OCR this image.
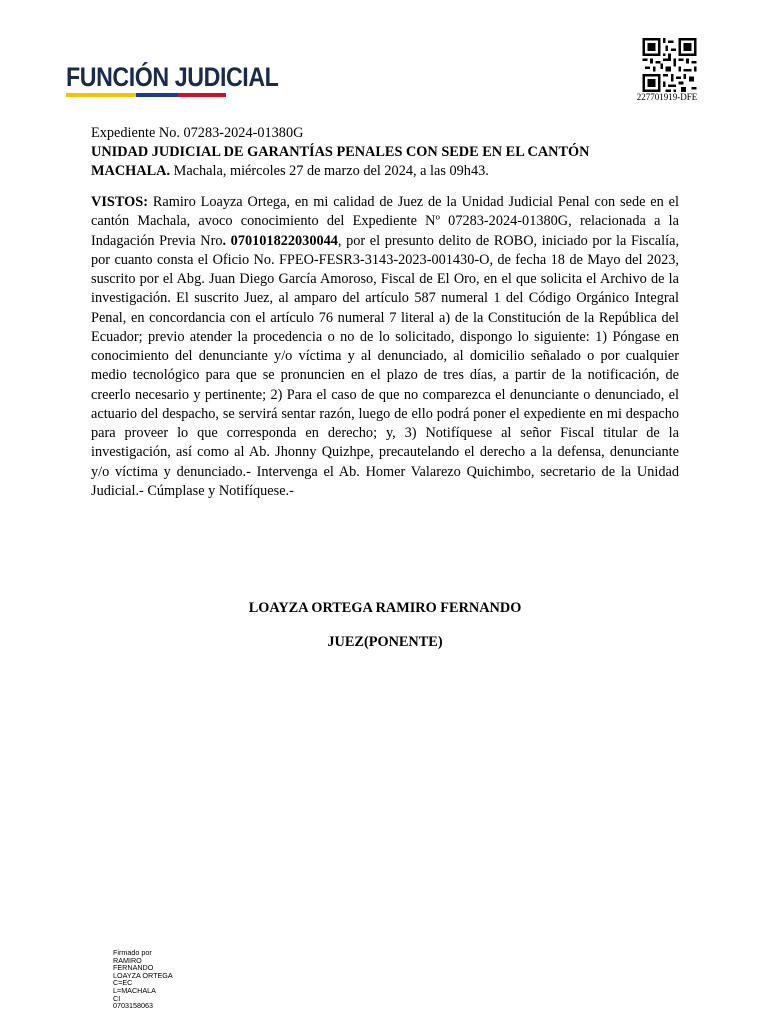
FUNCIÓN JUDICIAL
227701919-DFE

Expediente No. 07283-2024-01380G

UNIDAD JUDICIAL DE GARANTÍAS PENALES CON SEDE EN EL CANTÓN

MACHALA. Machala, miércoles 27 de marzo del 2024, a las 09h43.

VISTOS: Ramiro Loayza Ortega, en mi calidad de Juez de la Unidad Judicial Penal con sede en el cantón Machala, avoco conocimiento del Expediente Nº 07283-2024-01380G, relacionada a la Indagación Previa Nro. 070101822030044, por el presunto delito de ROBO, iniciado por la Fiscalía, por cuanto consta el Oficio No. FPEO-FESR3-3143-2023-001430-O, de fecha 18 de Mayo del 2023, suscrito por el Abg. Juan Diego García Amoroso, Fiscal de El Oro, en el que solicita el Archivo de la investigación. El suscrito Juez, al amparo del artículo 587 numeral 1 del Código Orgánico Integral Penal, en concordancia con el artículo 76 numeral 7 literal a) de la Constitución de la República del Ecuador; previo atender la procedencia o no de lo solicitado, dispongo lo siguiente: 1) Póngase en conocimiento del denunciante y/o víctima y al denunciado, al domicilio señalado o por cualquier medio tecnológico para que se pronuncien en el plazo de tres días, a partir de la notificación, de creerlo necesario y pertinente; 2) Para el caso de que no comparezca el denunciante o denunciado, el actuario del despacho, se servirá sentar razón, luego de ello podrá poner el expediente en mi despacho para proveer lo que corresponda en derecho; y, 3) Notifíquese al señor Fiscal titular de la investigación, así como al Ab. Jhonny Quizhpe, precautelando el derecho a la defensa, denunciante y/o víctima y denunciado.- Intervenga el Ab. Homer Valarezo Quichimbo, secretario de la Unidad Judicial.- Cúmplase y Notifíquese.-

LOAYZA ORTEGA RAMIRO FERNANDO
JUEZ(PONENTE)
Firmado por
RAMIRO
FERNANDO
LOAYZA ORTEGA
C=EC
L=MACHALA
CI
0703158063
